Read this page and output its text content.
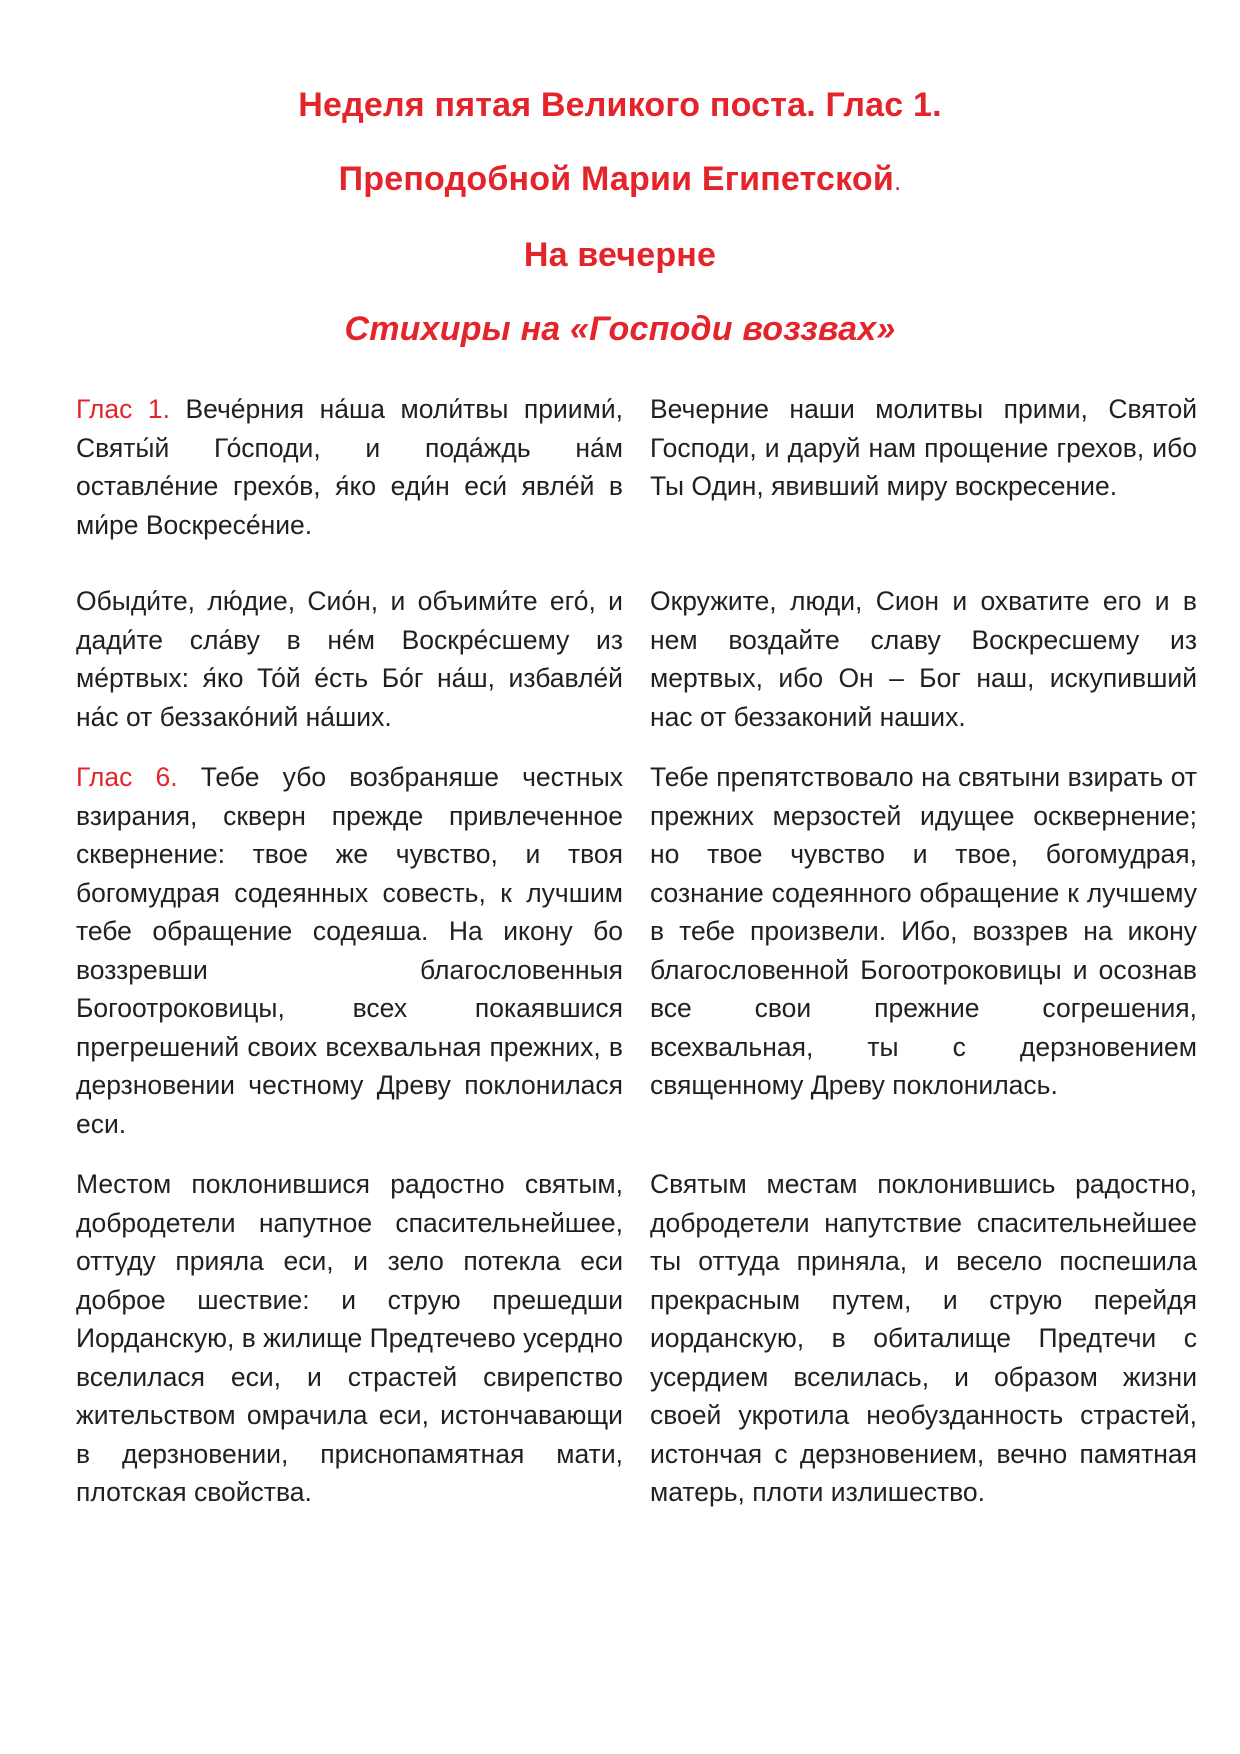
Неделя пятая Великого поста. Глас 1.
Преподобной Марии Египетской.
На вечерне
Стихиры на «Господи воззвах»

Глас 1. Вече́рния на́ша моли́твы приими́, Святы́й Го́споди, и пода́ждь на́м оставле́ние грехо́в, я́ко еди́н еси́ явле́й в ми́ре Воскресе́ние.

Вечерние наши молитвы прими, Святой Господи, и даруй нам прощение грехов, ибо Ты Один, явивший миру воскресение.

Обыди́те, лю́дие, Сио́н, и объими́те его́, и дади́те сла́ву в не́м Воскре́сшему из ме́ртвых: я́ко То́й е́сть Бо́г на́ш, избавле́й на́с от беззако́ний на́ших.

Окружите, люди, Сион и охватите его и в нем воздайте славу Воскресшему из мертвых, ибо Он – Бог наш, искупивший нас от беззаконий наших.

Глас 6. Тебе убо возбраняше честных взирания, скверн прежде привлеченное сквернение: твое же чувство, и твоя богомудрая содеянных совесть, к лучшим тебе обращение содеяша. На икону бо воззревши благословенныя Богоотроковицы, всех покаявшися прегрешений своих всехвальная прежних, в дерзновении честному Древу поклонилася еси.

Тебе препятствовало на святыни взирать от прежних мерзостей идущее осквернение; но твое чувство и твое, богомудрая, сознание содеянного обращение к лучшему в тебе произвели. Ибо, воззрев на икону благословенной Богоотроковицы и осознав все свои прежние согрешения, всехвальная, ты с дерзновением священному Древу поклонилась.

Местом поклонившися радостно святым, добродетели напутное спасительнейшее, оттуду прияла еси, и зело потекла еси доброе шествие: и струю прешедши Иорданскую, в жилище Предтечево усердно вселилася еси, и страстей свирепство жительством омрачила еси, истончавающи в дерзновении, приснопамятная мати, плотская свойства.

Святым местам поклонившись радостно, добродетели напутствие спасительнейшее ты оттуда приняла, и весело поспешила прекрасным путем, и струю перейдя иорданскую, в обиталище Предтечи с усердием вселилась, и образом жизни своей укротила необузданность страстей, истончая с дерзновением, вечно памятная матерь, плоти излишество.
